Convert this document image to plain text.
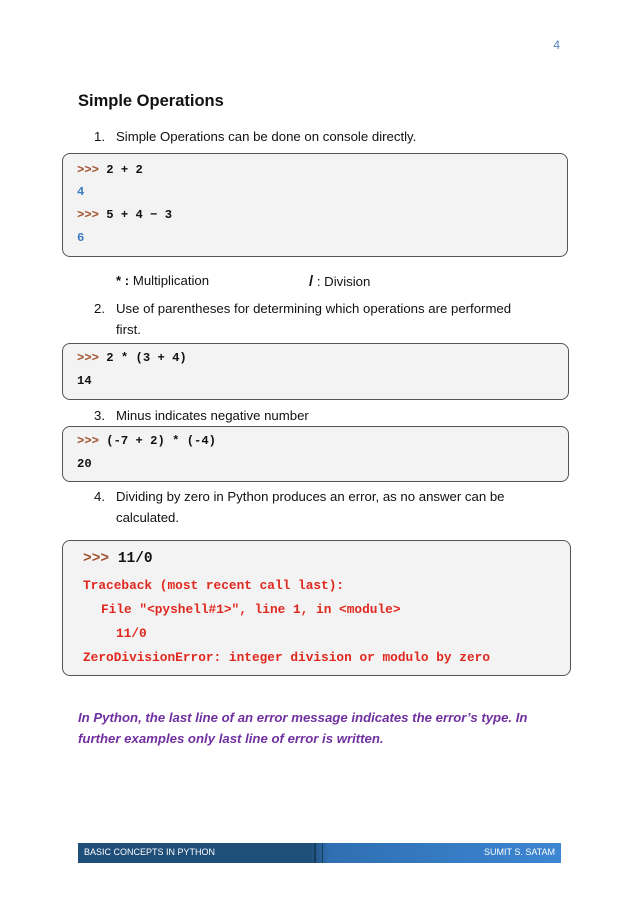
4
Simple Operations
1. Simple Operations can be done on console directly.
>>> 2 + 2
4
>>> 5 + 4 − 3
6
* : Multiplication	/ : Division
2. Use of parentheses for determining which operations are performed first.
>>> 2 * (3 + 4)
14
3. Minus indicates negative number
>>> (-7 + 2) * (-4)
20
4. Dividing by zero in Python produces an error, as no answer can be calculated.
>>> 11/0
Traceback (most recent call last):
File "<pyshell#1>", line 1, in <module>
11/0
ZeroDivisionError: integer division or modulo by zero
In Python, the last line of an error message indicates the error’s type. In further examples only last line of error is written.
BASIC CONCEPTS IN PYTHON	SUMIT S. SATAM
